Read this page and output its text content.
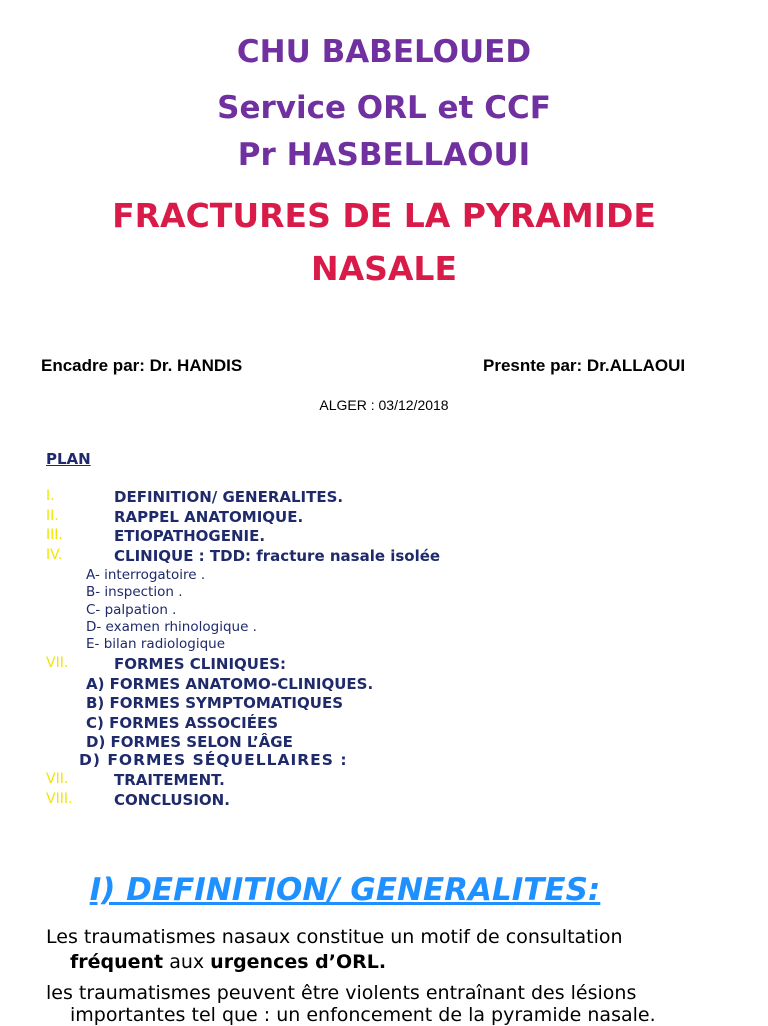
CHU BABELOUED
Service ORL et CCF
Pr HASBELLAOUI
FRACTURES DE LA PYRAMIDE
NASALE
Encadre par: Dr. HANDIS	Presnte par: Dr.ALLAOUI
ALGER : 03/12/2018
PLAN
I.	DEFINITION/ GENERALITES.
II.	RAPPEL ANATOMIQUE.
III.	ETIOPATHOGENIE.
IV.	CLINIQUE : TDD: fracture nasale isolée
A- interrogatoire .
B- inspection .
C- palpation .
D- examen rhinologique .
E- bilan radiologique
VII.	FORMES CLINIQUES:
A) FORMES ANATOMO-CLINIQUES.
B) FORMES SYMPTOMATIQUES
C) FORMES ASSOCIÉES
D) FORMES SELON L’ÂGE
D) FORMES SÉQUELLAIRES :
VII.	TRAITEMENT.
VIII.	CONCLUSION.
I) DEFINITION/ GENERALITES:
Les traumatismes nasaux constitue un motif de consultation
fréquent aux urgences d’ORL.
les traumatismes peuvent être violents entraînant des lésions
importantes tel que : un enfoncement de la pyramide nasale.
